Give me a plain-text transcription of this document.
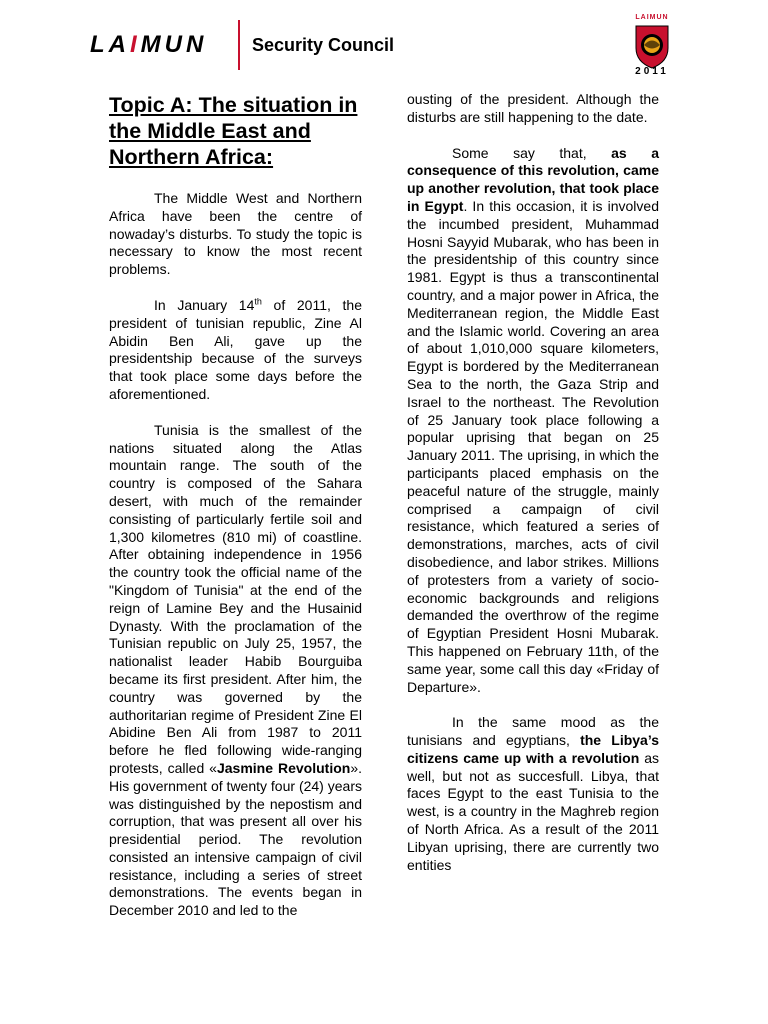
LAIMUN Security Council
LAIMUN
2011
Topic A: The situation in the Middle East and Northern Africa:

The Middle West and Northern Africa have been the centre of nowaday’s disturbs. To study the topic is necessary to know the most recent problems.

In January 14th of 2011, the president of tunisian republic, Zine Al Abidin Ben Ali, gave up the presidentship because of the surveys that took place some days before the aforementioned.

Tunisia is the smallest of the nations situated along the Atlas mountain range. The south of the country is composed of the Sahara desert, with much of the remainder consisting of particularly fertile soil and 1,300 kilometres (810 mi) of coastline. After obtaining independence in 1956 the country took the official name of the "Kingdom of Tunisia" at the end of the reign of Lamine Bey and the Husainid Dynasty. With the proclamation of the Tunisian republic on July 25, 1957, the nationalist leader Habib Bourguiba became its first president. After him, the country was governed by the authoritarian regime of President Zine El Abidine Ben Ali from 1987 to 2011 before he fled following wide-ranging protests, called «Jasmine Revolution». His government of twenty four (24) years was distinguished by the nepostism and corruption, that was present all over his presidential period. The revolution consisted an intensive campaign of civil resistance, including a series of street demonstrations. The events began in December 2010 and led to the

ousting of the president. Although the disturbs are still happening to the date.

Some say that, as a consequence of this revolution, came up another revolution, that took place in Egypt. In this occasion, it is involved the incumbed president, Muhammad Hosni Sayyid Mubarak, who has been in the presidentship of this country since 1981. Egypt is thus a transcontinental country, and a major power in Africa, the Mediterranean region, the Middle East and the Islamic world. Covering an area of about 1,010,000 square kilometers, Egypt is bordered by the Mediterranean Sea to the north, the Gaza Strip and Israel to the northeast. The Revolution of 25 January took place following a popular uprising that began on 25 January 2011. The uprising, in which the participants placed emphasis on the peaceful nature of the struggle, mainly comprised a campaign of civil resistance, which featured a series of demonstrations, marches, acts of civil disobedience, and labor strikes. Millions of protesters from a variety of socio-economic backgrounds and religions demanded the overthrow of the regime of Egyptian President Hosni Mubarak. This happened on February 11th, of the same year, some call this day «Friday of Departure».

In the same mood as the tunisians and egyptians, the Libya’s citizens came up with a revolution as well, but not as succesfull. Libya, that faces Egypt to the east Tunisia to the west, is a country in the Maghreb region of North Africa. As a result of the 2011 Libyan uprising, there are currently two entities
